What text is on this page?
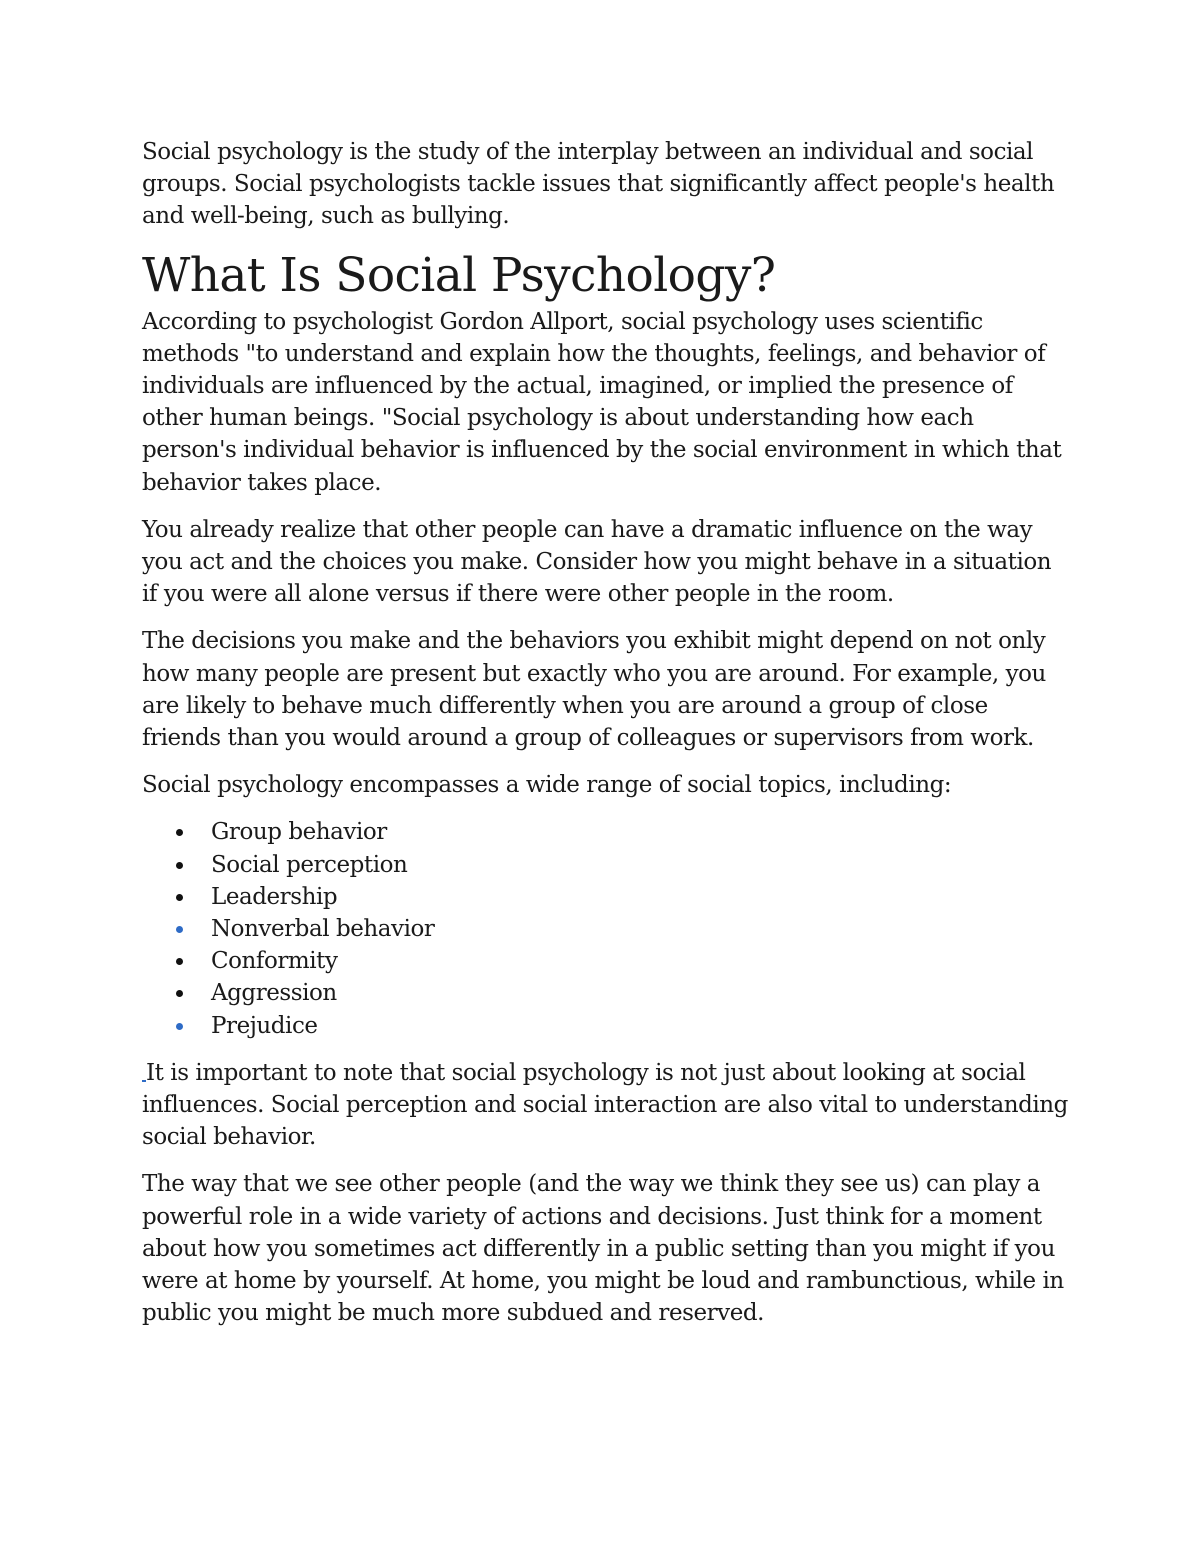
Social psychology is the study of the interplay between an individual and social groups. Social psychologists tackle issues that significantly affect people's health and well-being, such as bullying.

What Is Social Psychology?

According to psychologist Gordon Allport, social psychology uses scientific methods "to understand and explain how the thoughts, feelings, and behavior of individuals are influenced by the actual, imagined, or implied the presence of other human beings. "Social psychology is about understanding how each person's individual behavior is influenced by the social environment in which that behavior takes place.

You already realize that other people can have a dramatic influence on the way you act and the choices you make. Consider how you might behave in a situation if you were all alone versus if there were other people in the room.

The decisions you make and the behaviors you exhibit might depend on not only how many people are present but exactly who you are around. For example, you are likely to behave much differently when you are around a group of close friends than you would around a group of colleagues or supervisors from work.

Social psychology encompasses a wide range of social topics, including:

Group behavior
Social perception
Leadership
Nonverbal behavior
Conformity
Aggression
Prejudice

It is important to note that social psychology is not just about looking at social influences. Social perception and social interaction are also vital to understanding social behavior.

The way that we see other people (and the way we think they see us) can play a powerful role in a wide variety of actions and decisions. Just think for a moment about how you sometimes act differently in a public setting than you might if you were at home by yourself. At home, you might be loud and rambunctious, while in public you might be much more subdued and reserved.
